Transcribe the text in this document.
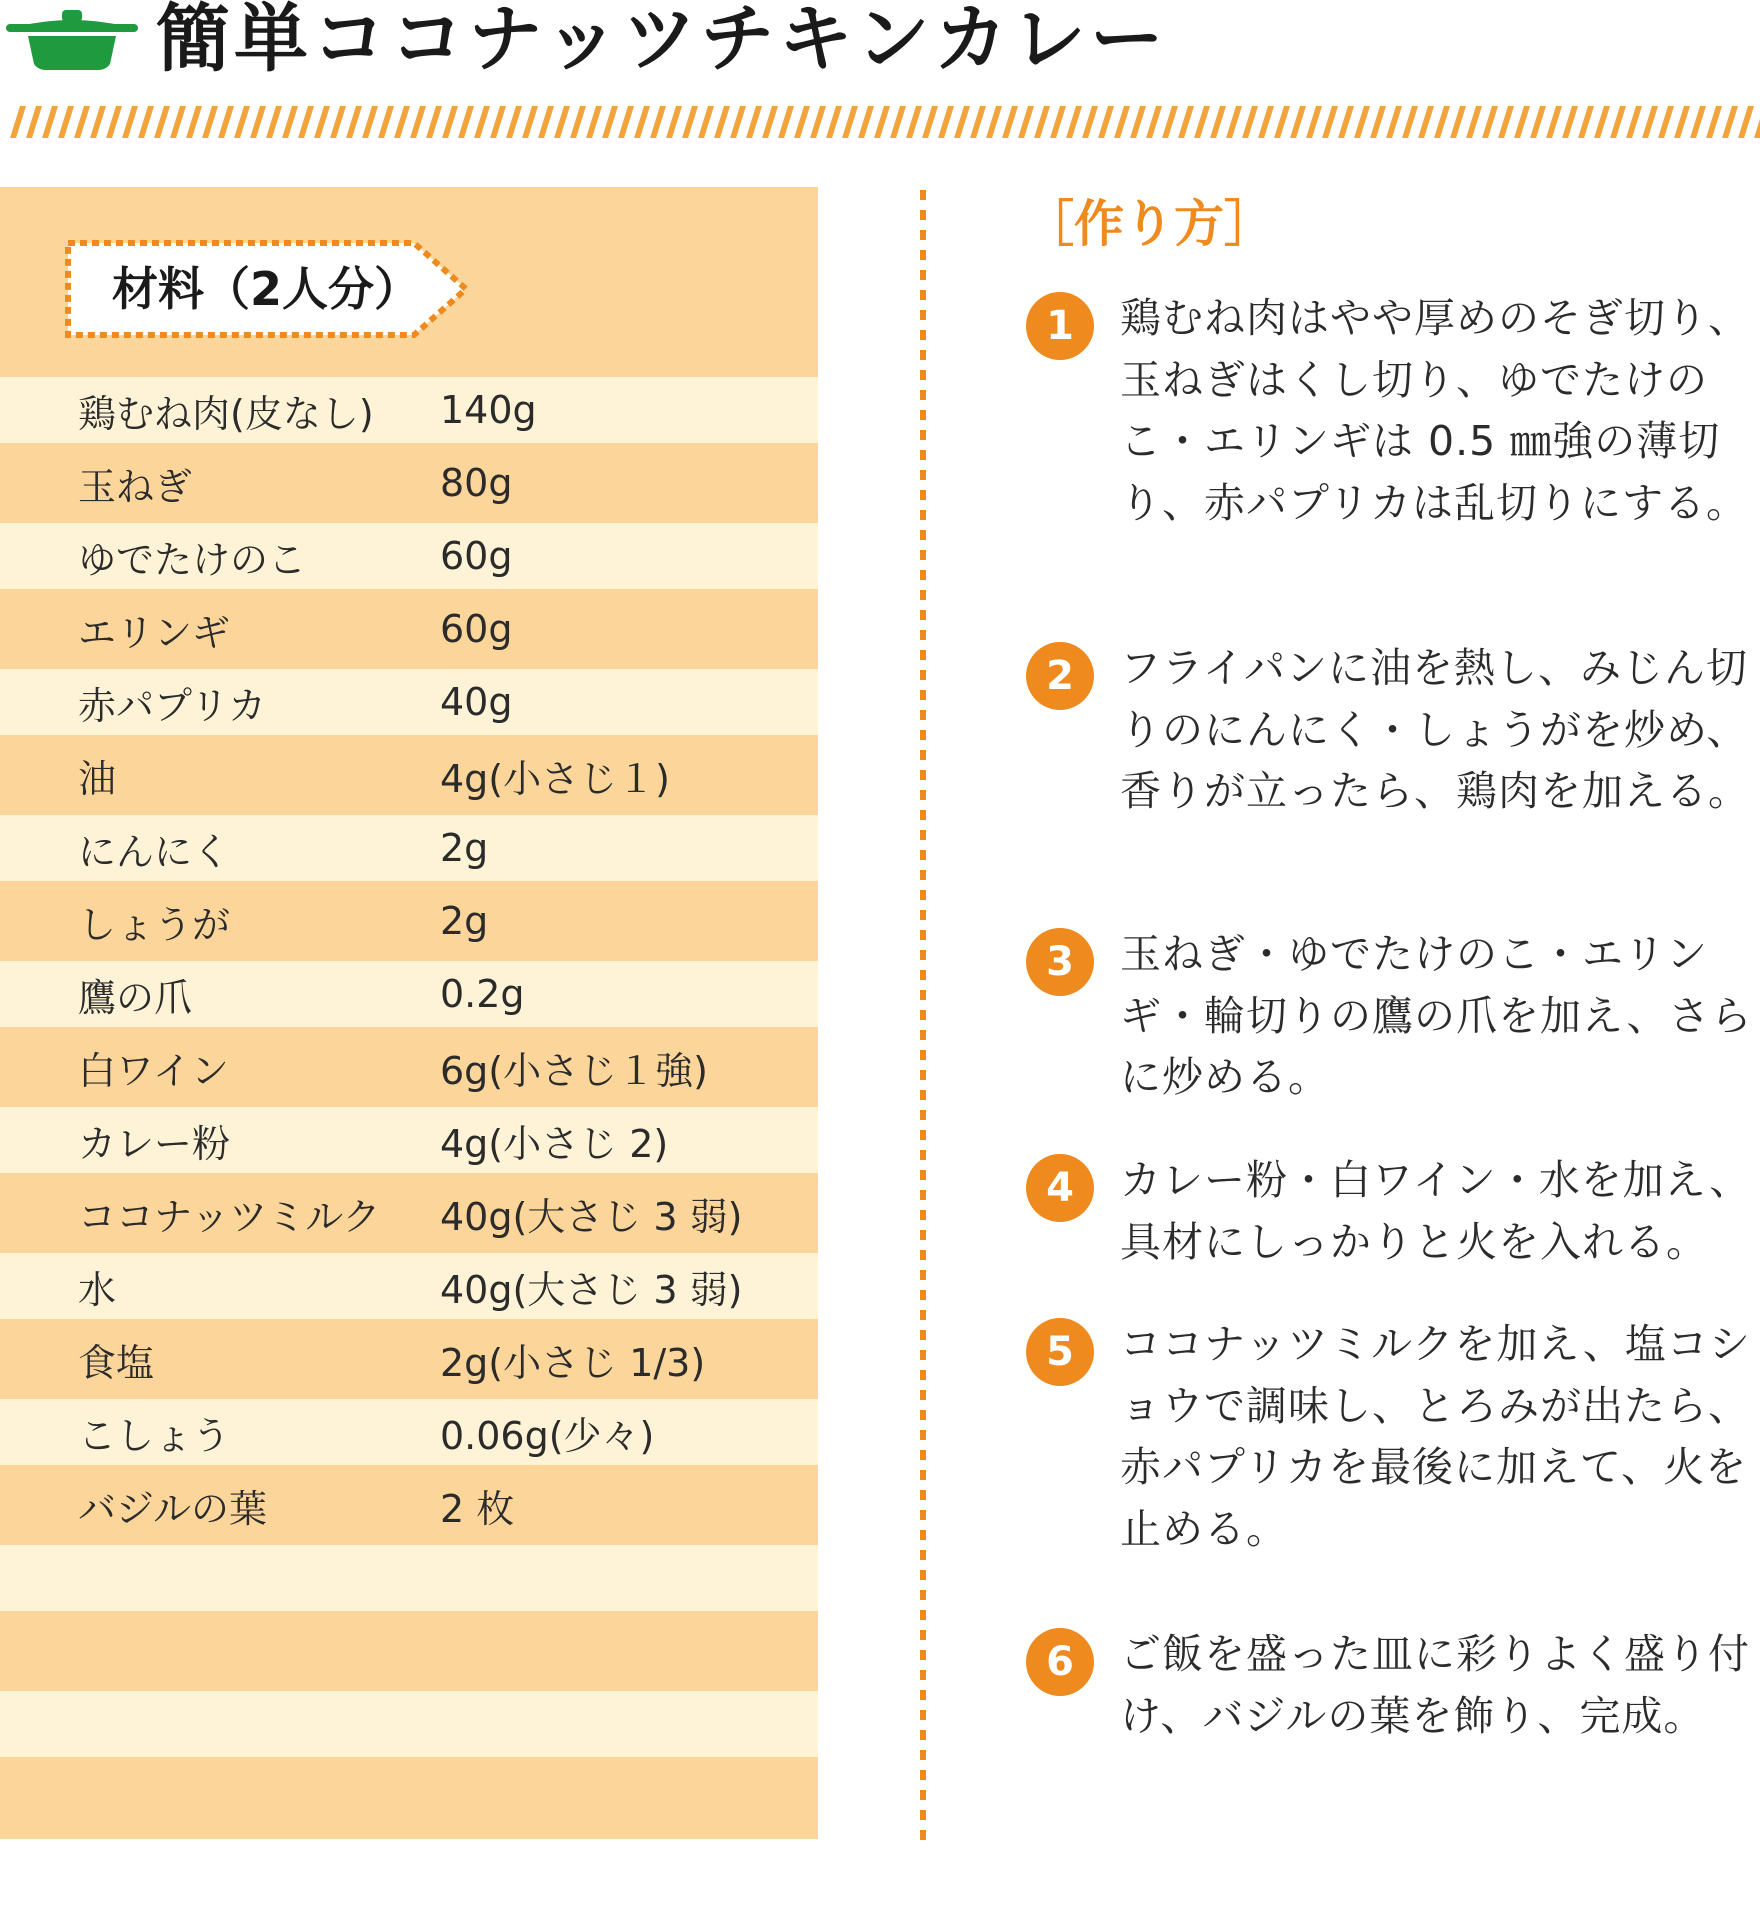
簡単ココナッツチキンカレー
材料（2人分）
鶏むね肉(皮なし) 140g
玉ねぎ	80g
ゆでたけのこ	60g
エリンギ	60g
赤パプリカ	40g
油	4g(小さじ１)
にんにく	2g
しょうが	2g
鷹の爪	0.2g
白ワイン	6g(小さじ１強)
カレー粉	4g(小さじ 2)
ココナッツミルク 40g(大さじ 3 弱)
水	40g(大さじ 3 弱)
食塩	2g(小さじ 1/3)
こしょう	0.06g(少々)
バジルの葉	2 枚
［作り方］
1	鶏むね肉はやや厚めのそぎ切り、玉ねぎはくし切り、ゆでたけのこ・エリンギは 0.5 ㎜強の薄切り、赤パプリカは乱切りにする。
2	フライパンに油を熱し、みじん切りのにんにく・しょうがを炒め、香りが立ったら、鶏肉を加える。
3	玉ねぎ・ゆでたけのこ・エリンギ・輪切りの鷹の爪を加え、さらに炒める。
4	カレー粉・白ワイン・水を加え、具材にしっかりと火を入れる。
5	ココナッツミルクを加え、塩コショウで調味し、とろみが出たら、赤パプリカを最後に加えて、火を止める。
6	ご飯を盛った皿に彩りよく盛り付け、バジルの葉を飾り、完成。
